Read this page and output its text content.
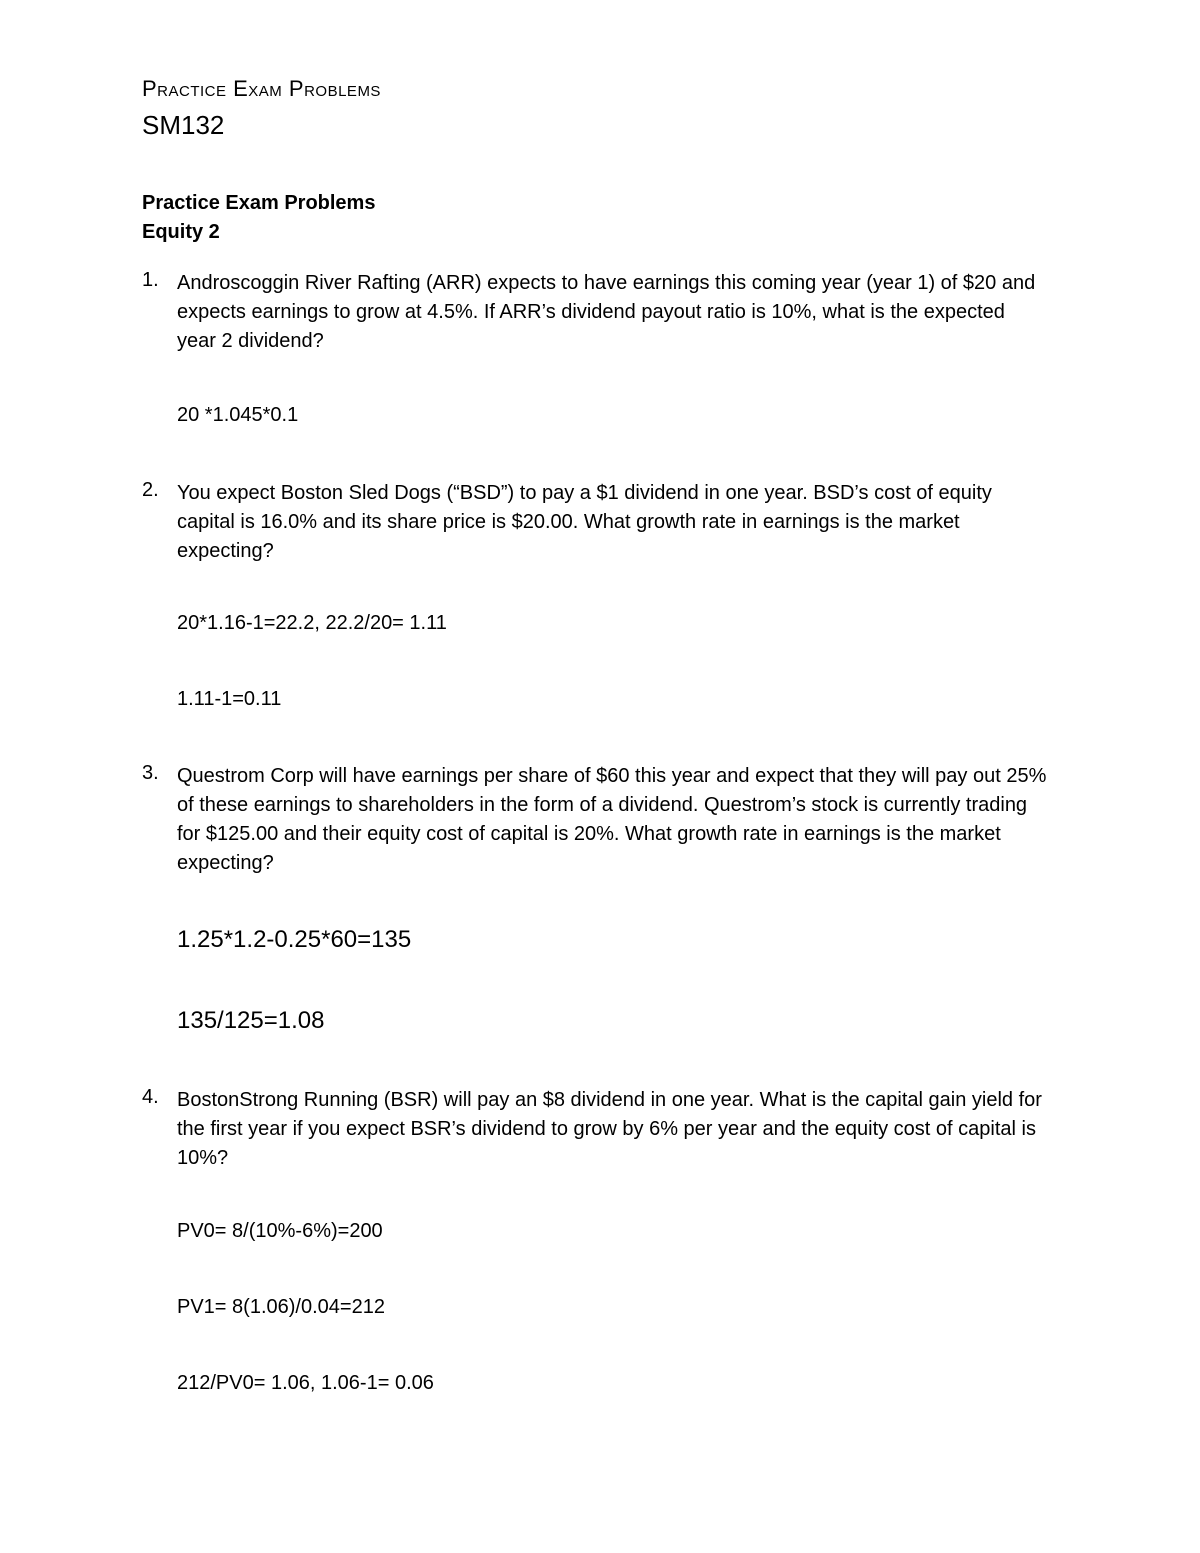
Practice Exam Problems
SM132
Practice Exam Problems
Equity 2
1. Androscoggin River Rafting (ARR) expects to have earnings this coming year (year 1) of $20 and expects earnings to grow at 4.5%. If ARR’s dividend payout ratio is 10%, what is the expected year 2 dividend?
20 *1.045*0.1
2. You expect Boston Sled Dogs (“BSD”) to pay a $1 dividend in one year. BSD’s cost of equity capital is 16.0% and its share price is $20.00. What growth rate in earnings is the market expecting?
20*1.16-1=22.2, 22.2/20= 1.11
1.11-1=0.11
3. Questrom Corp will have earnings per share of $60 this year and expect that they will pay out 25% of these earnings to shareholders in the form of a dividend. Questrom’s stock is currently trading for $125.00 and their equity cost of capital is 20%. What growth rate in earnings is the market expecting?
1.25*1.2-0.25*60=135
135/125=1.08
4. BostonStrong Running (BSR) will pay an $8 dividend in one year. What is the capital gain yield for the first year if you expect BSR’s dividend to grow by 6% per year and the equity cost of capital is 10%?
PV0= 8/(10%-6%)=200
PV1= 8(1.06)/0.04=212
212/PV0= 1.06, 1.06-1= 0.06
